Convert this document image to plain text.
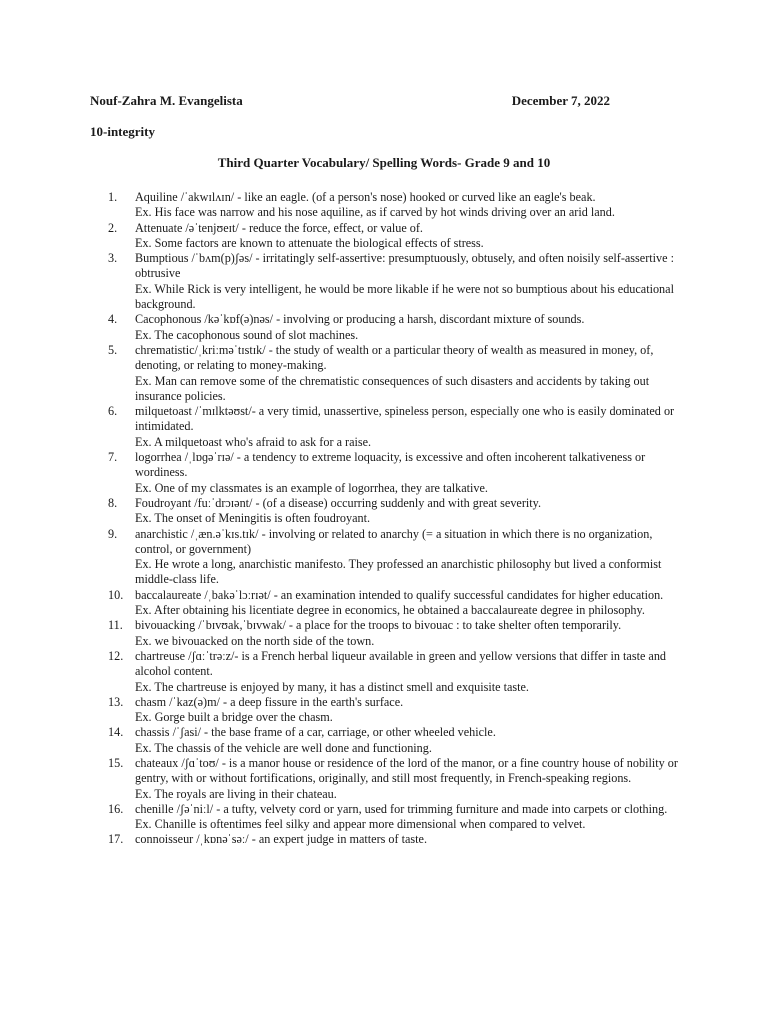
Nouf-Zahra M. Evangelista	December 7, 2022
10-integrity
Third Quarter Vocabulary/ Spelling Words- Grade 9 and 10
1.	Aquiline /ˈakwɪlʌɪn/ - like an eagle. (of a person's nose) hooked or curved like an eagle's beak.
Ex. His face was narrow and his nose aquiline, as if carved by hot winds driving over an arid land.
2.	Attenuate /əˈtenjʊeɪt/ - reduce the force, effect, or value of.
Ex. Some factors are known to attenuate the biological effects of stress.
3.	Bumptious /ˈbʌm(p)ʃəs/ - irritatingly self-assertive: presumptuously, obtusely, and often noisily self-assertive : obtrusive
Ex. While Rick is very intelligent, he would be more likable if he were not so bumptious about his educational background.
4.	Cacophonous /kəˈkɒf(ə)nəs/ - involving or producing a harsh, discordant mixture of sounds.
Ex. The cacophonous sound of slot machines.
5.	chrematistic/ˌkriːməˈtɪstɪk/ - the study of wealth or a particular theory of wealth as measured in money, of, denoting, or relating to money-making.
Ex. Man can remove some of the chrematistic consequences of such disasters and accidents by taking out insurance policies.
6.	milquetoast /ˈmɪlktəʊst/- a very timid, unassertive, spineless person, especially one who is easily dominated or intimidated.
Ex. A milquetoast who's afraid to ask for a raise.
7.	logorrhea /ˌlɒɡəˈrɪə/ - a tendency to extreme loquacity, is excessive and often incoherent talkativeness or wordiness.
Ex. One of my classmates is an example of logorrhea, they are talkative.
8.	Foudroyant /fuːˈdrɔɪənt/ - (of a disease) occurring suddenly and with great severity.
Ex. The onset of Meningitis is often foudroyant.
9.	anarchistic /ˌæn.əˈkɪs.tɪk/ - involving or related to anarchy (= a situation in which there is no organization, control, or government)
Ex. He wrote a long, anarchistic manifesto. They professed an anarchistic philosophy but lived a conformist middle-class life.
10. baccalaureate /ˌbakəˈlɔːrɪət/ - an examination intended to qualify successful candidates for higher education.
Ex. After obtaining his licentiate degree in economics, he obtained a baccalaureate degree in philosophy.
11.	bivouacking /ˈbɪvʊak,ˈbɪvwak/ - a place for the troops to bivouac : to take shelter often temporarily.
Ex. we bivouacked on the north side of the town.
12. chartreuse /ʃɑːˈtrəːz/- is a French herbal liqueur available in green and yellow versions that differ in taste and alcohol content.
Ex. The chartreuse is enjoyed by many, it has a distinct smell and exquisite taste.
13. chasm /ˈkaz(ə)m/ - a deep fissure in the earth's surface.
Ex. Gorge built a bridge over the chasm.
14. chassis /ˈʃasi/ - the base frame of a car, carriage, or other wheeled vehicle.
Ex. The chassis of the vehicle are well done and functioning.
15. chateaux /ʃɑˈtoʊ/ - is a manor house or residence of the lord of the manor, or a fine country house of nobility or gentry, with or without fortifications, originally, and still most frequently, in French-speaking regions.
Ex. The royals are living in their chateau.
16. chenille /ʃəˈniːl/ - a tufty, velvety cord or yarn, used for trimming furniture and made into carpets or clothing.
Ex. Chanille is oftentimes feel silky and appear more dimensional when compared to velvet.
17. connoisseur /ˌkɒnəˈsəː/ - an expert judge in matters of taste.
